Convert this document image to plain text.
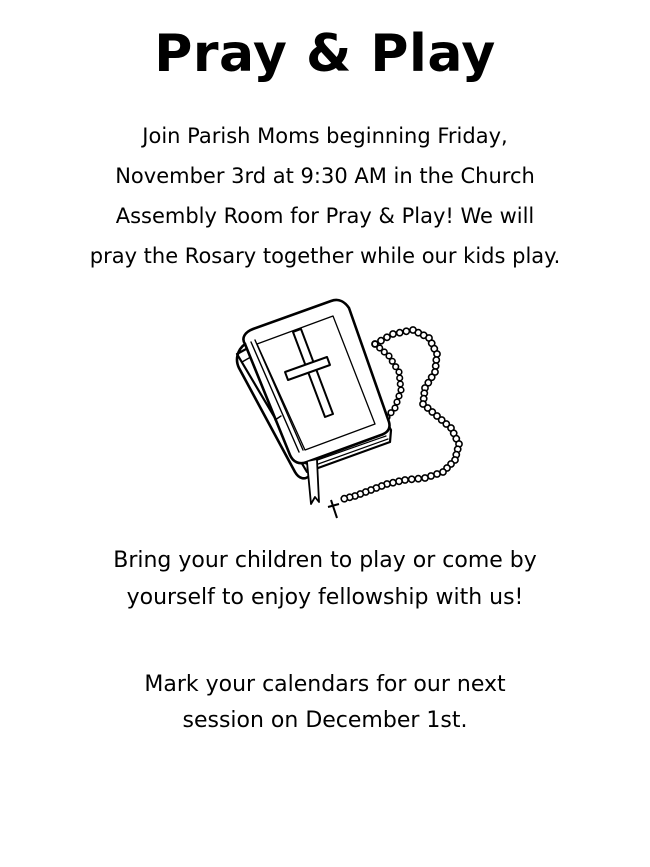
Pray & Play
Join Parish Moms beginning Friday,
November 3rd at 9:30 AM in the Church
Assembly Room for Pray & Play! We will
pray the Rosary together while our kids play.
Bring your children to play or come by
yourself to enjoy fellowship with us!
Mark your calendars for our next
session on December 1st.
